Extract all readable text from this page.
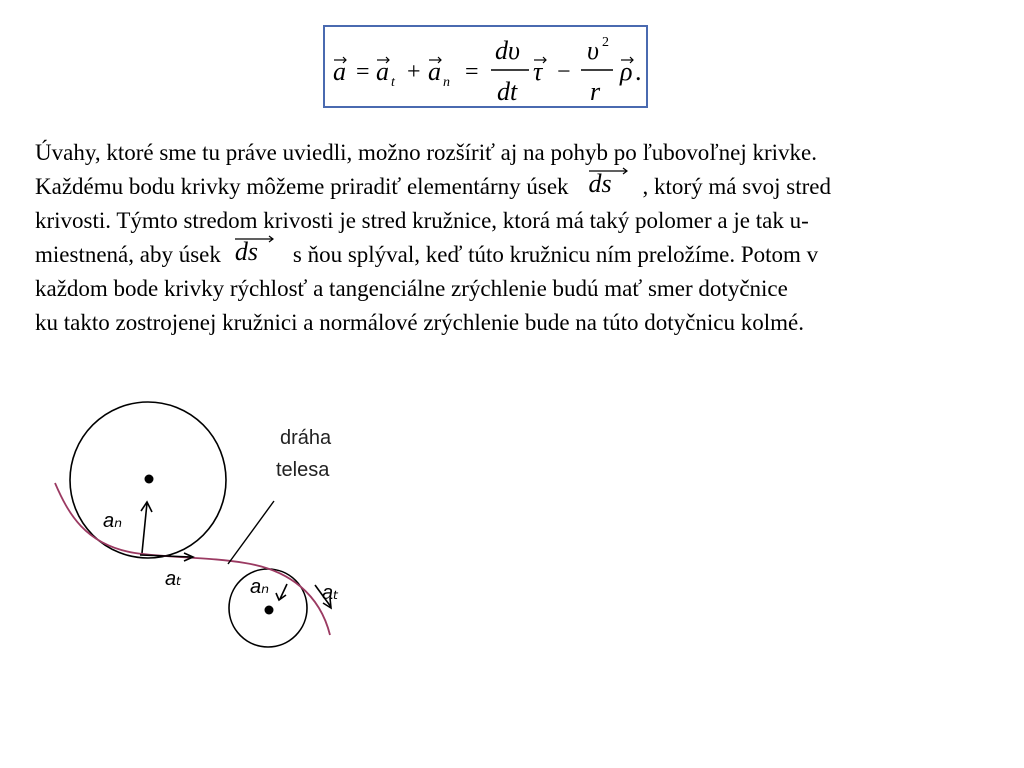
a = a t + a n =
dυ
dt
τ −
υ 2
r
ρ .
Úvahy, ktoré sme tu práve uviedli, možno rozšíriť aj na pohyb po ľubovoľnej krivke.
Každému bodu krivky môžeme priradiť elementárny úsek ds , ktorý má svoj stred
krivosti. Týmto stredom krivosti je stred kružnice, ktorá má taký polomer a je tak u-
miestnená, aby úsek ds s ňou splýval, keď túto kružnicu ním preložíme. Potom v
každom bode krivky rýchlosť a tangenciálne zrýchlenie budú mať smer dotyčnice
ku takto zostrojenej kružnici a normálové zrýchlenie bude na túto dotyčnicu kolmé.
aₙ
aₜ	aₙ	aₜ
dráha
telesa
